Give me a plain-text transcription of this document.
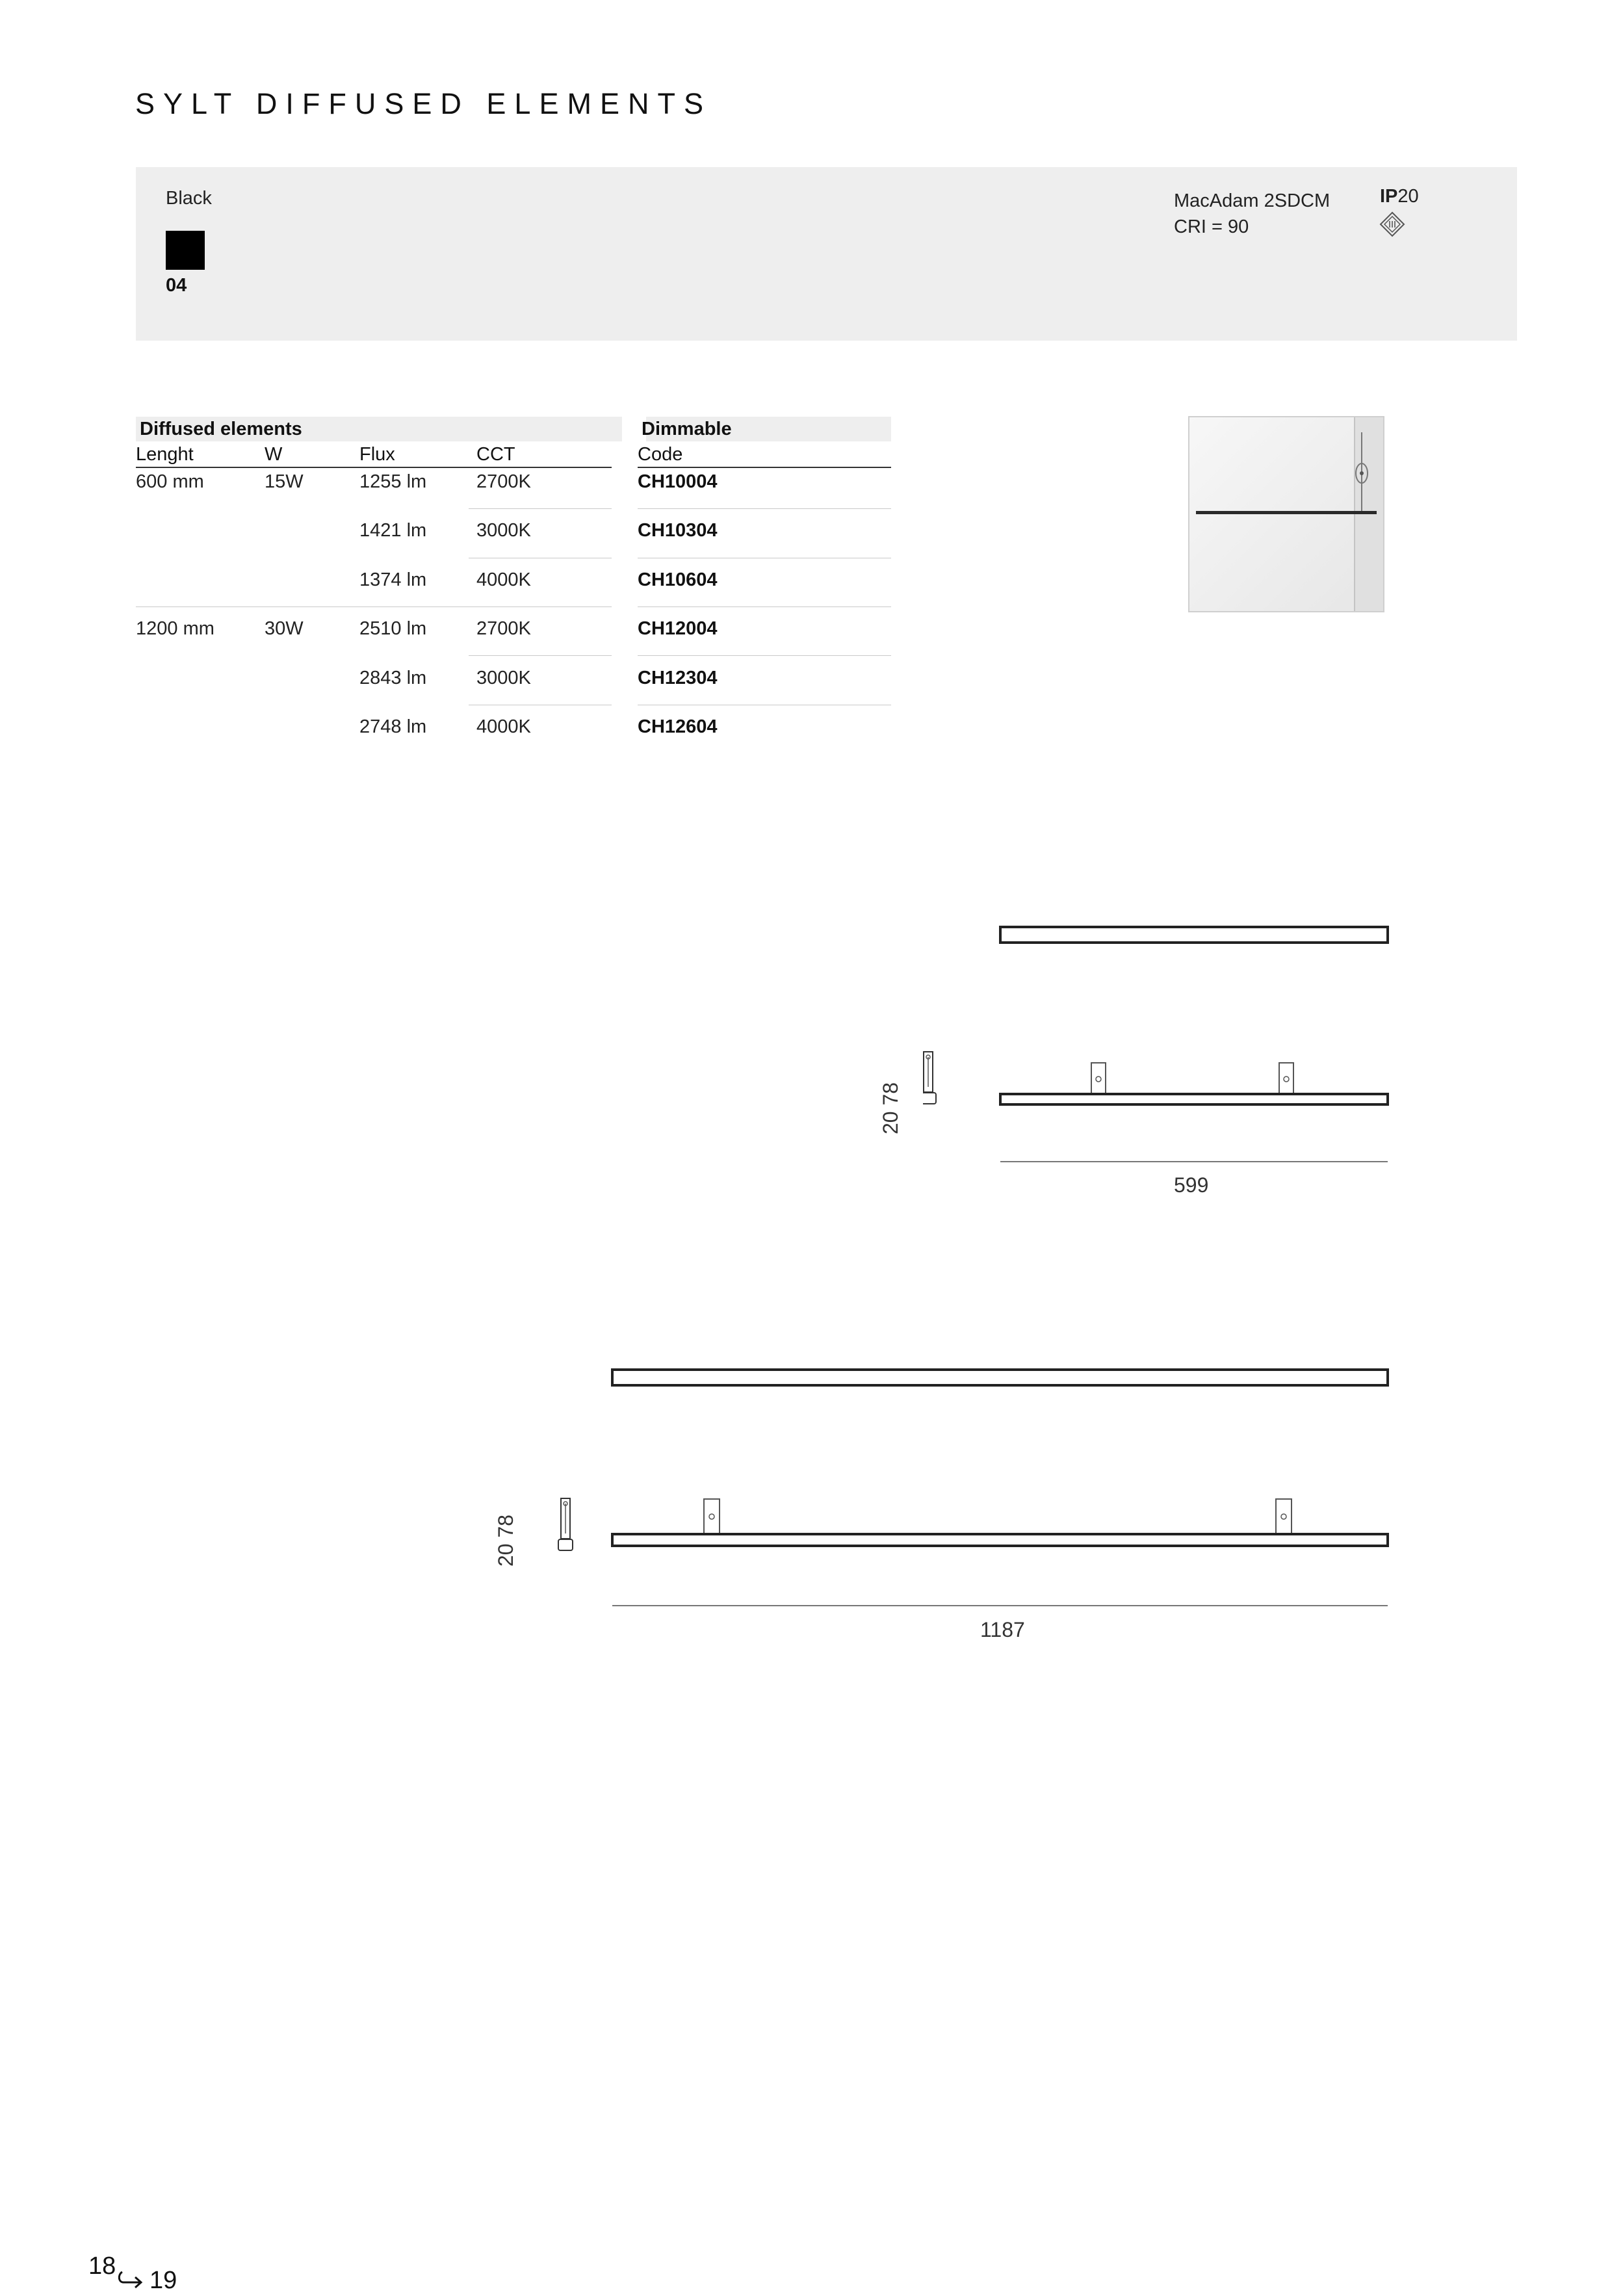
SYLT DIFFUSED ELEMENTS
Black
04
MacAdam 2SDCM
CRI = 90
IP20
Diffused elements	Dimmable
Lenght	W	Flux	CCT	Code
600 mm	15W	1255 lm	2700K	CH10004
1421 lm	3000K	CH10304
1374 lm	4000K	CH10604
1200 mm	30W	2510 lm	2700K	CH12004
2843 lm	3000K	CH12304
2748 lm	4000K	CH12604
20 78
599
20 78
1187
18
19
